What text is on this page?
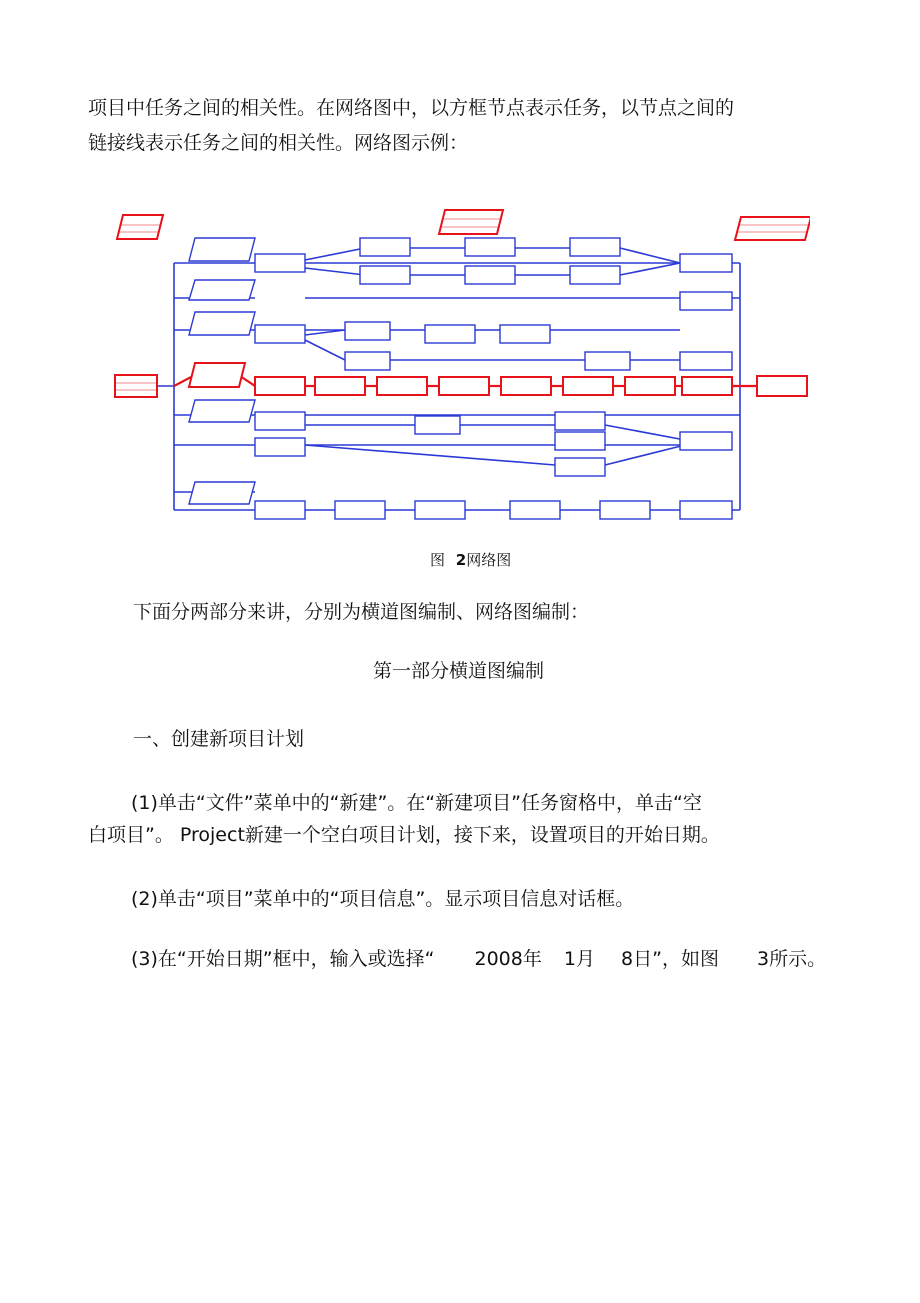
项目中任务之间的相关性。在网络图中，以方框节点表示任务，以节点之间的
链接线表示任务之间的相关性。网络图示例：
图 2网络图
下面分两部分来讲，分别为横道图编制、网络图编制：
第一部分横道图编制
一、创建新项目计划
(1)单击“文件”菜单中的“新建”。在“新建项目”任务窗格中，单击“空
白项目”。 Project新建一个空白项目计划，接下来，设置项目的开始日期。
(2)单击“项目”菜单中的“项目信息”。显示项目信息对话框。
(3)在“开始日期”框中，输入或选择“ 2008年 1月 8日”，如图 3所示。
